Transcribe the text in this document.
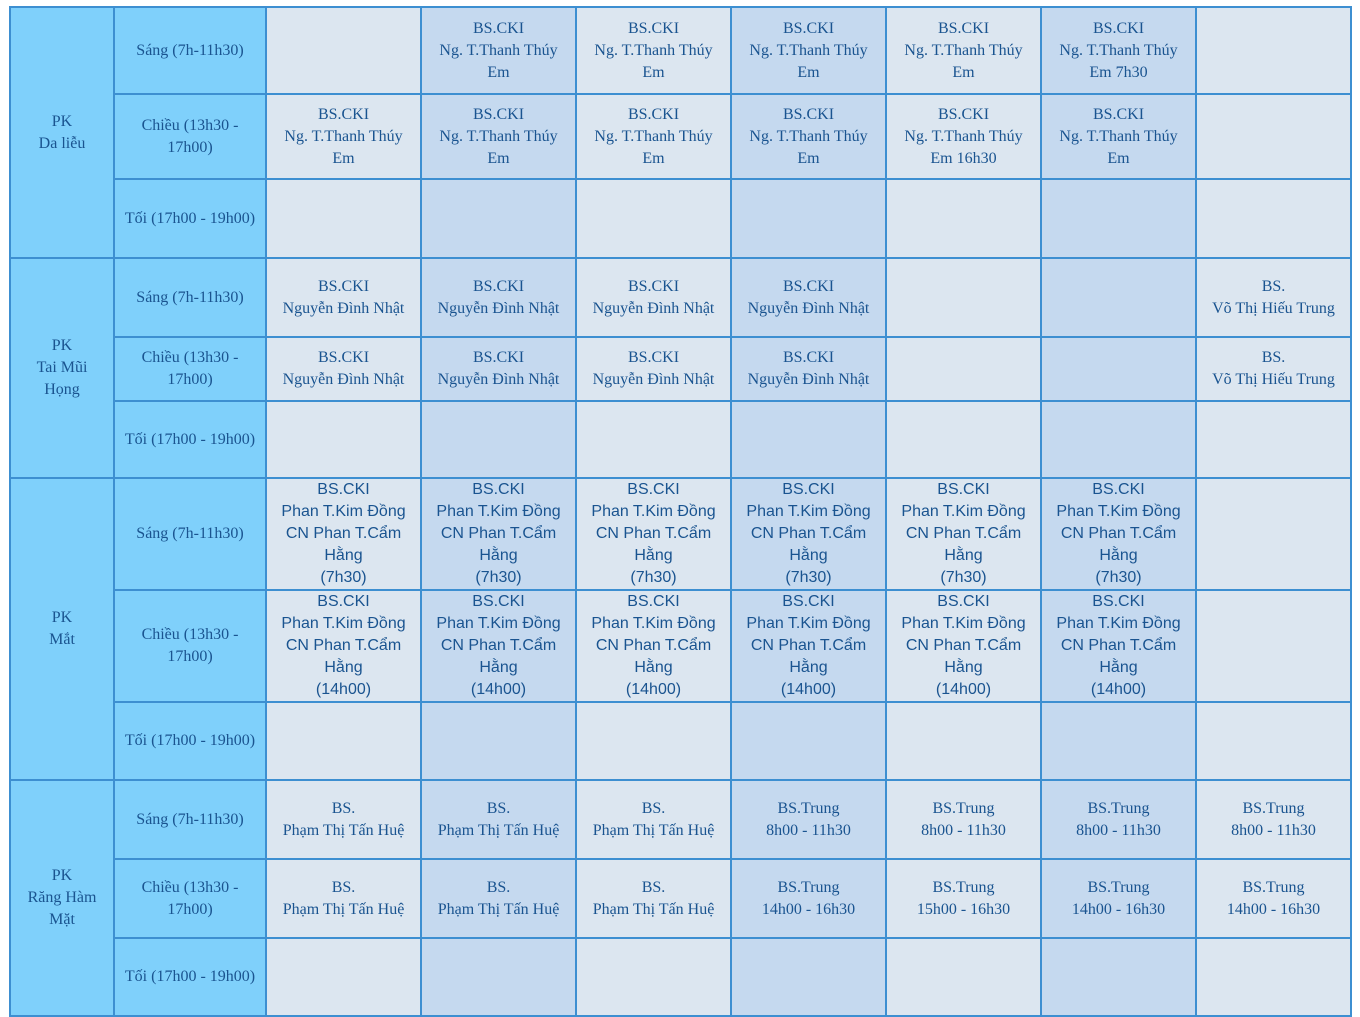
PK
Da liễu	Sáng (7h-11h30)		BS.CKI
Ng. T.Thanh Thúy
Em	BS.CKI
Ng. T.Thanh Thúy
Em	BS.CKI
Ng. T.Thanh Thúy
Em	BS.CKI
Ng. T.Thanh Thúy
Em	BS.CKI
Ng. T.Thanh Thúy
Em 7h30	
	Chiều (13h30 -
17h00)	BS.CKI
Ng. T.Thanh Thúy
Em	BS.CKI
Ng. T.Thanh Thúy
Em	BS.CKI
Ng. T.Thanh Thúy
Em	BS.CKI
Ng. T.Thanh Thúy
Em	BS.CKI
Ng. T.Thanh Thúy
Em 16h30	BS.CKI
Ng. T.Thanh Thúy
Em	
	Tối (17h00 - 19h00)							
PK
Tai Mũi
Họng	Sáng (7h-11h30)	BS.CKI
Nguyễn Đình Nhật	BS.CKI
Nguyễn Đình Nhật	BS.CKI
Nguyễn Đình Nhật	BS.CKI
Nguyễn Đình Nhật			BS.
Võ Thị Hiếu Trung
	Chiều (13h30 -
17h00)	BS.CKI
Nguyễn Đình Nhật	BS.CKI
Nguyễn Đình Nhật	BS.CKI
Nguyễn Đình Nhật	BS.CKI
Nguyễn Đình Nhật			BS.
Võ Thị Hiếu Trung
	Tối (17h00 - 19h00)							
PK
Mắt	Sáng (7h-11h30)	BS.CKI
Phan T.Kim Đồng
CN Phan T.Cẩm Hằng
(7h30)	BS.CKI
Phan T.Kim Đồng
CN Phan T.Cẩm Hằng
(7h30)	BS.CKI
Phan T.Kim Đồng
CN Phan T.Cẩm Hằng
(7h30)	BS.CKI
Phan T.Kim Đồng
CN Phan T.Cẩm Hằng
(7h30)	BS.CKI
Phan T.Kim Đồng
CN Phan T.Cẩm Hằng
(7h30)	BS.CKI
Phan T.Kim Đồng
CN Phan T.Cẩm Hằng
(7h30)	
	Chiều (13h30 -
17h00)	BS.CKI
Phan T.Kim Đồng
CN Phan T.Cẩm Hằng
(14h00)	BS.CKI
Phan T.Kim Đồng
CN Phan T.Cẩm Hằng
(14h00)	BS.CKI
Phan T.Kim Đồng
CN Phan T.Cẩm Hằng
(14h00)	BS.CKI
Phan T.Kim Đồng
CN Phan T.Cẩm Hằng
(14h00)	BS.CKI
Phan T.Kim Đồng
CN Phan T.Cẩm Hằng
(14h00)	BS.CKI
Phan T.Kim Đồng
CN Phan T.Cẩm Hằng
(14h00)	
	Tối (17h00 - 19h00)							
PK
Răng Hàm
Mặt	Sáng (7h-11h30)	BS.
Phạm Thị Tấn Huệ	BS.
Phạm Thị Tấn Huệ	BS.
Phạm Thị Tấn Huệ	BS.Trung
8h00 - 11h30	BS.Trung
8h00 - 11h30	BS.Trung
8h00 - 11h30	BS.Trung
8h00 - 11h30
	Chiều (13h30 -
17h00)	BS.
Phạm Thị Tấn Huệ	BS.
Phạm Thị Tấn Huệ	BS.
Phạm Thị Tấn Huệ	BS.Trung
14h00 - 16h30	BS.Trung
15h00 - 16h30	BS.Trung
14h00 - 16h30	BS.Trung
14h00 - 16h30
	Tối (17h00 - 19h00)							
